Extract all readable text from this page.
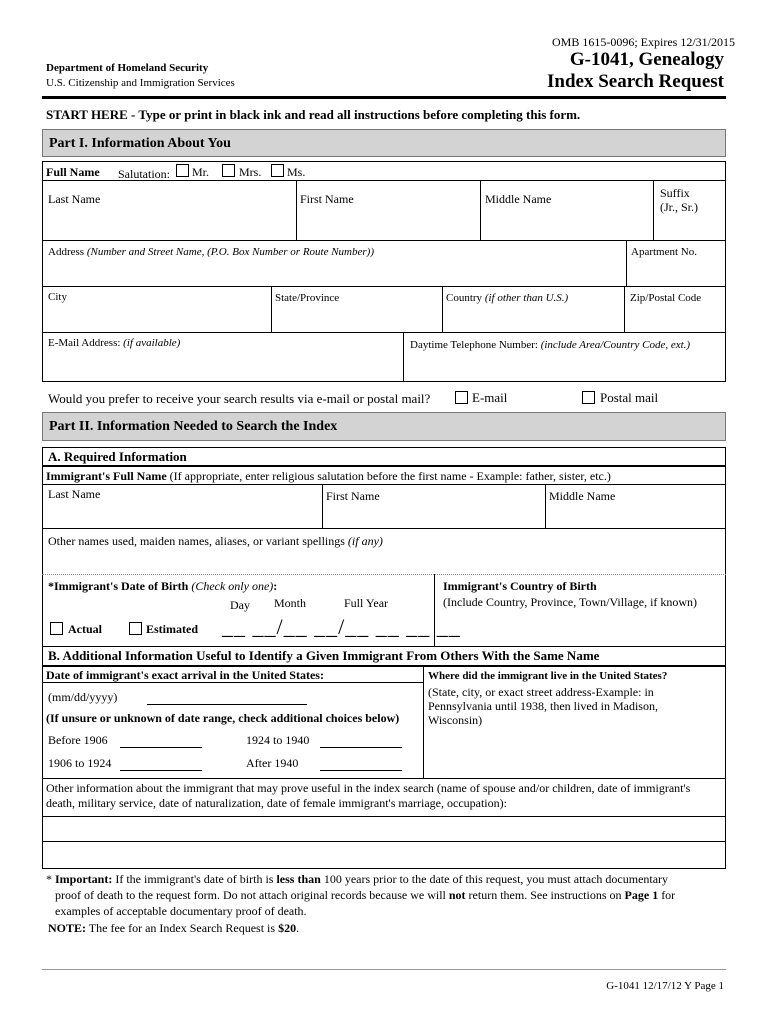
OMB 1615-0096; Expires 12/31/2015
Department of Homeland Security
U.S. Citizenship and Immigration Services
G-1041, Genealogy
Index Search Request
START HERE - Type or print in black ink and read all instructions before completing this form.
Part I. Information About You
Full Name Salutation: Mr. Mrs. Ms.
Last Name	First Name	Middle Name	Suffix
(Jr., Sr.)
Address (Number and Street Name, (P.O. Box Number or Route Number))	Apartment No.
City	State/Province	Country (if other than U.S.)	Zip/Postal Code
E-Mail Address: (if available)	Daytime Telephone Number: (include Area/Country Code, ext.)
Would you prefer to receive your search results via e-mail or postal mail?	E-mail	Postal mail
Part II. Information Needed to Search the Index
A. Required Information
Immigrant's Full Name (If appropriate, enter religious salutation before the first name - Example: father, sister, etc.)
Last Name	First Name	Middle Name
Other names used, maiden names, aliases, or variant spellings (if any)
*Immigrant's Date of Birth (Check only one):
Day Month	Full Year
Actual	Estimated __ __/__ __/__ __ __ __
Immigrant's Country of Birth
(Include Country, Province, Town/Village, if known)
B. Additional Information Useful to Identify a Given Immigrant From Others With the Same Name
Date of immigrant's exact arrival in the United States:
(mm/dd/yyyy)
(If unsure or unknown of date range, check additional choices below)
Before 1906	1924 to 1940
1906 to 1924	After 1940
Where did the immigrant live in the United States?
(State, city, or exact street address-Example: in
Pennsylvania until 1938, then lived in Madison,
Wisconsin)
Other information about the immigrant that may prove useful in the index search (name of spouse and/or children, date of immigrant's
death, military service, date of naturalization, date of female immigrant's marriage, occupation):
* Important: If the immigrant's date of birth is less than 100 years prior to the date of this request, you must attach documentary
proof of death to the request form. Do not attach original records because we will not return them. See instructions on Page 1 for
examples of acceptable documentary proof of death.
NOTE: The fee for an Index Search Request is $20.
G-1041 12/17/12 Y Page 1
